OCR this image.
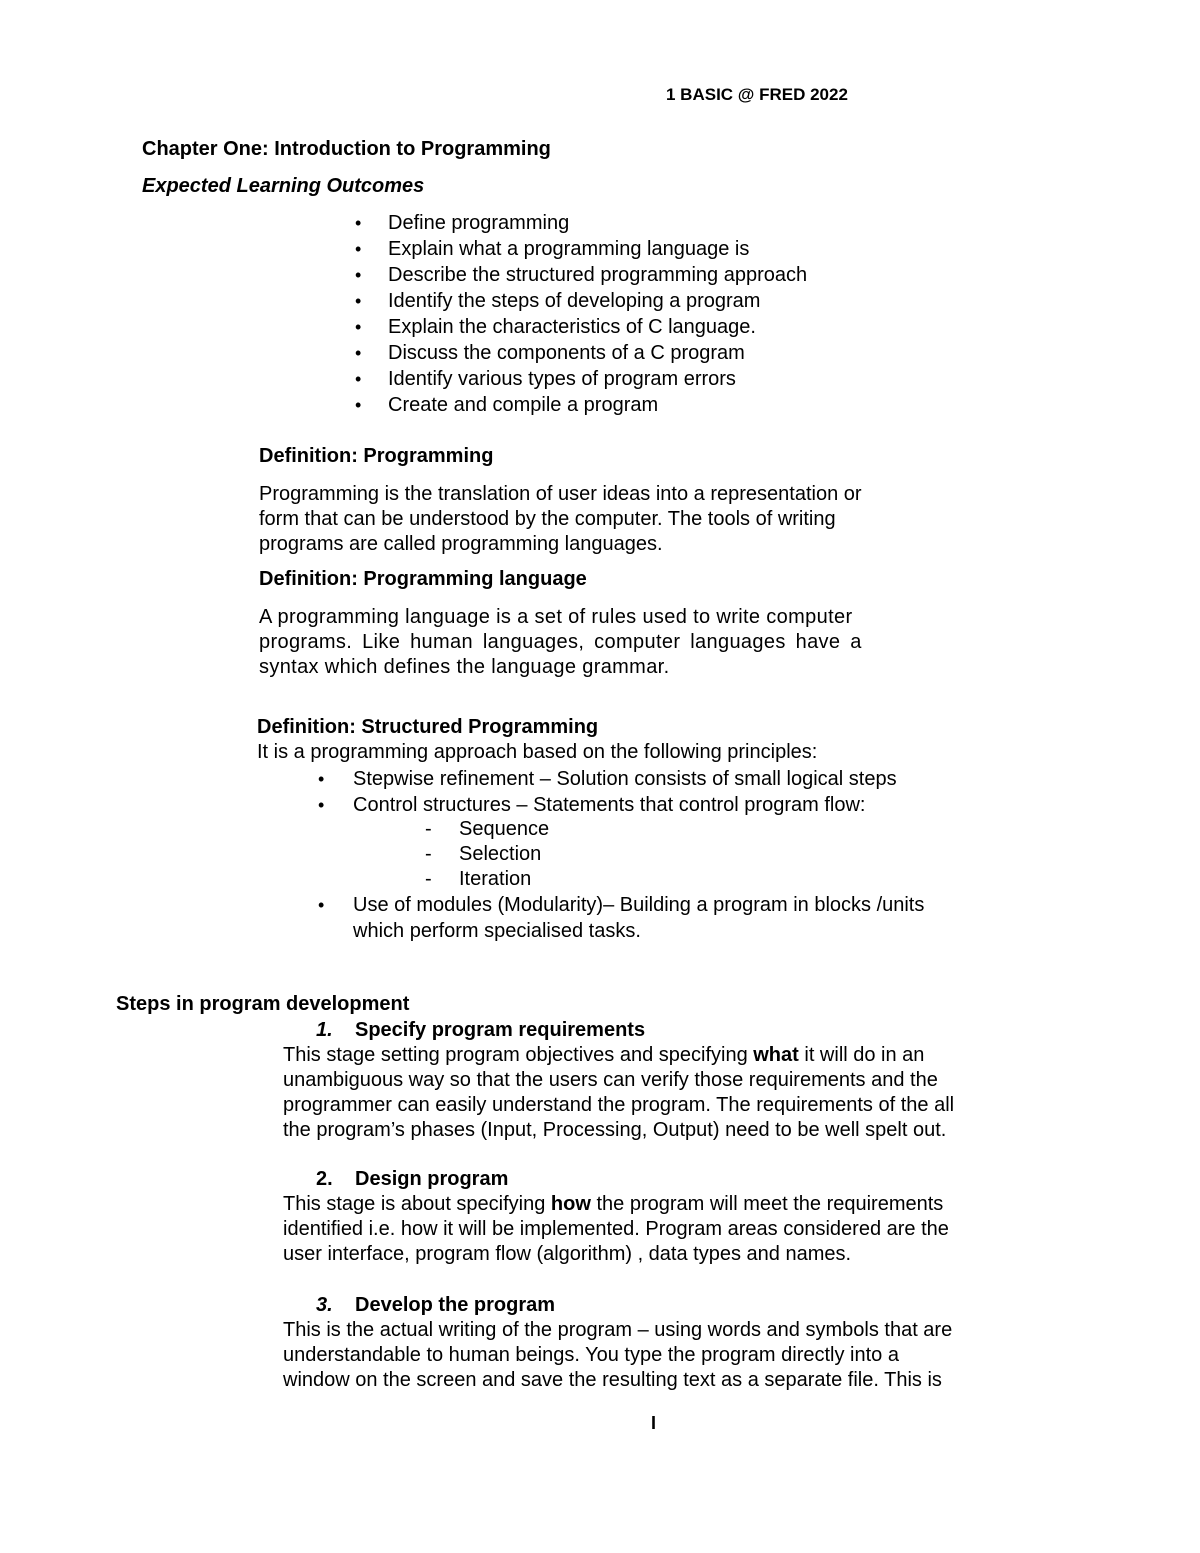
1 BASIC @ FRED 2022
Chapter One: Introduction to Programming
Expected Learning Outcomes
• Define programming
• Explain what a programming language is
• Describe the structured programming approach
• Identify the steps of developing a program
• Explain the characteristics of C language.
• Discuss the components of a C program
• Identify various types of program errors
• Create and compile a program
Definition: Programming
Programming is the translation of user ideas into a representation or
form that can be understood by the computer. The tools of writing
programs are called programming languages.
Definition: Programming language
A programming language is a set of rules used to write computer
programs. Like human languages, computer languages have a
syntax which defines the language grammar.
Definition: Structured Programming
It is a programming approach based on the following principles:
• Stepwise refinement – Solution consists of small logical steps
• Control structures – Statements that control program flow:
- Sequence
- Selection
- Iteration
• Use of modules (Modularity)– Building a program in blocks /units
which perform specialised tasks.
Steps in program development
1. Specify program requirements
This stage setting program objectives and specifying what it will do in an
unambiguous way so that the users can verify those requirements and the
programmer can easily understand the program. The requirements of the all
the program’s phases (Input, Processing, Output) need to be well spelt out.
2. Design program
This stage is about specifying how the program will meet the requirements
identified i.e. how it will be implemented. Program areas considered are the
user interface, program flow (algorithm) , data types and names.
3. Develop the program
This is the actual writing of the program – using words and symbols that are
understandable to human beings. You type the program directly into a
window on the screen and save the resulting text as a separate file. This is
I
